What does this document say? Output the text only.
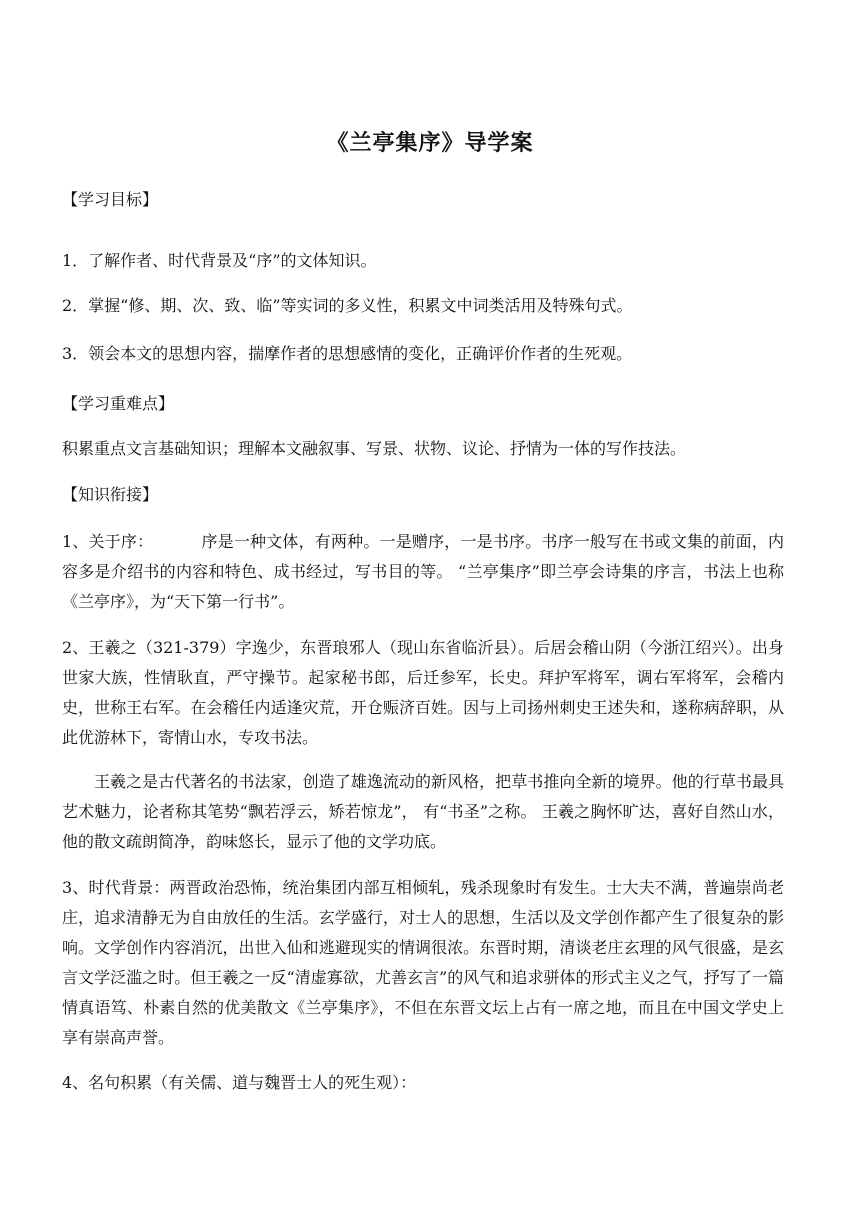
《兰亭集序》导学案
【学习目标】
1．了解作者、时代背景及“序”的文体知识。
2．掌握“修、期、次、致、临”等实词的多义性，积累文中词类活用及特殊句式。
3．领会本文的思想内容，揣摩作者的思想感情的变化，正确评价作者的生死观。
【学习重难点】
积累重点文言基础知识；理解本文融叙事、写景、状物、议论、抒情为一体的写作技法。
【知识衔接】
1、关于序：	序是一种文体，有两种。一是赠序，一是书序。书序一般写在书或文集的前面，内容多是介绍书的内容和特色、成书经过，写书目的等。 “兰亭集序”即兰亭会诗集的序言，书法上也称《兰亭序》，为“天下第一行书”。
2、王羲之（321-379）字逸少，东晋琅邪人（现山东省临沂县）。后居会稽山阴（今浙江绍兴）。出身世家大族，性情耿直，严守操节。起家秘书郎，后迁参军，长史。拜护军将军，调右军将军，会稽内史，世称王右军。在会稽任内适逢灾荒，开仓赈济百姓。因与上司扬州刺史王述失和，遂称病辞职，从此优游林下，寄情山水，专攻书法。
王羲之是古代著名的书法家，创造了雄逸流动的新风格，把草书推向全新的境界。他的行草书最具艺术魅力，论者称其笔势“飘若浮云，矫若惊龙”， 有“书圣”之称。 王羲之胸怀旷达，喜好自然山水，他的散文疏朗简净，韵味悠长，显示了他的文学功底。
3、时代背景：两晋政治恐怖，统治集团内部互相倾轧，残杀现象时有发生。士大夫不满，普遍崇尚老庄，追求清静无为自由放任的生活。玄学盛行，对士人的思想，生活以及文学创作都产生了很复杂的影响。文学创作内容消沉，出世入仙和逃避现实的情调很浓。东晋时期，清谈老庄玄理的风气很盛，是玄言文学泛滥之时。但王羲之一反“清虚寡欲，尤善玄言”的风气和追求骈体的形式主义之气，抒写了一篇情真语笃、朴素自然的优美散文《兰亭集序》，不但在东晋文坛上占有一席之地，而且在中国文学史上享有崇高声誉。
4、名句积累（有关儒、道与魏晋士人的死生观）：
